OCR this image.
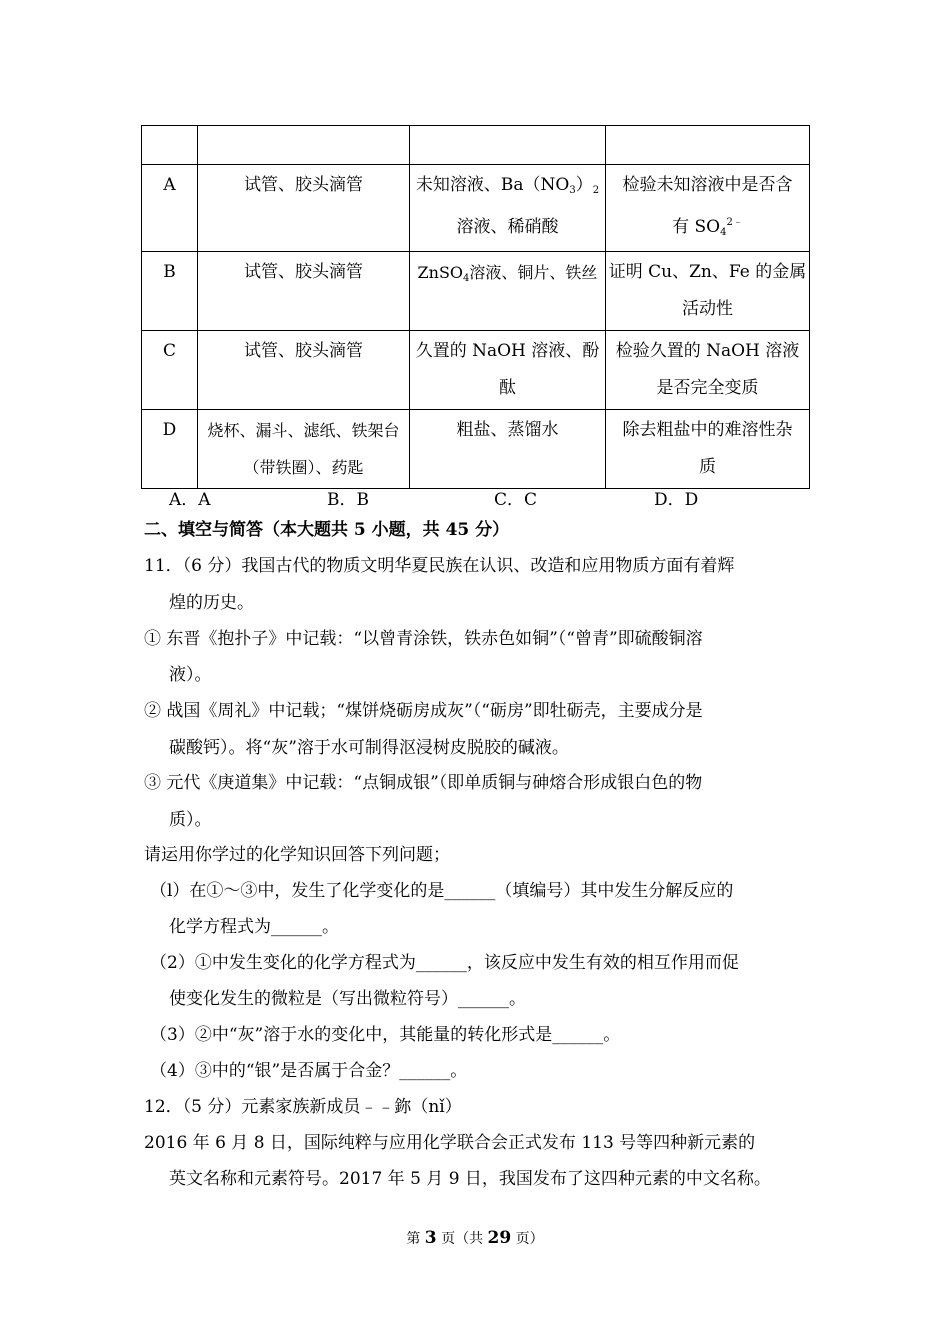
A	试管、胶头滴管	未知溶液、$Ba(NO_3)_2$
溶液、稀硝酸	检验未知溶液中是否含
有 $SO_4^{2﹣}$
B	试管、胶头滴管	ZnSO$_4$溶液、铜片、铁丝	证明 Cu、Zn、Fe 的金属
活动性
C	试管、胶头滴管	久置的 NaOH 溶液、酚
酞	检验久置的 NaOH 溶液
是否完全变质
D	烧杯、漏斗、滤纸、铁架台
（带铁圈）、药匙	粗盐、蒸馏水	除去粗盐中的难溶性杂
质
A．A	B．B	C．C	D．D
二、填空与简答（本大题共 5 小题，共 45 分）
11．（6 分）我国古代的物质文明华夏民族在认识、改造和应用物质方面有着辉
煌的历史。
① 东晋《抱扑子》中记载：“以曾青涂铁，铁赤色如铜”（“曾青”即硫酸铜溶
液）。
② 战国《周礼》中记载；“煤饼烧砺房成灰”（“砺房”即牡砺壳，主要成分是
碳酸钙）。将“灰”溶于水可制得沤浸树皮脱胶的碱液。
③ 元代《庚道集》中记载：“点铜成银”（即单质铜与砷熔合形成银白色的物
质）。
请运用你学过的化学知识回答下列问题；
（l）在①～③中，发生了化学变化的是______（填编号）其中发生分解反应的
化学方程式为______。
（2）①中发生变化的化学方程式为______，该反应中发生有效的相互作用而促
使变化发生的微粒是（写出微粒符号）______。
（3）②中“灰”溶于水的变化中，其能量的转化形式是______。
（4）③中的“银”是否属于合金？______。
12．（5 分）元素家族新成员﹣﹣鉨（nǐ）
2016 年 6 月 8 日，国际纯粹与应用化学联合会正式发布 113 号等四种新元素的
英文名称和元素符号。2017 年 5 月 9 日，我国发布了这四种元素的中文名称。
第 3 页（共 29 页）
